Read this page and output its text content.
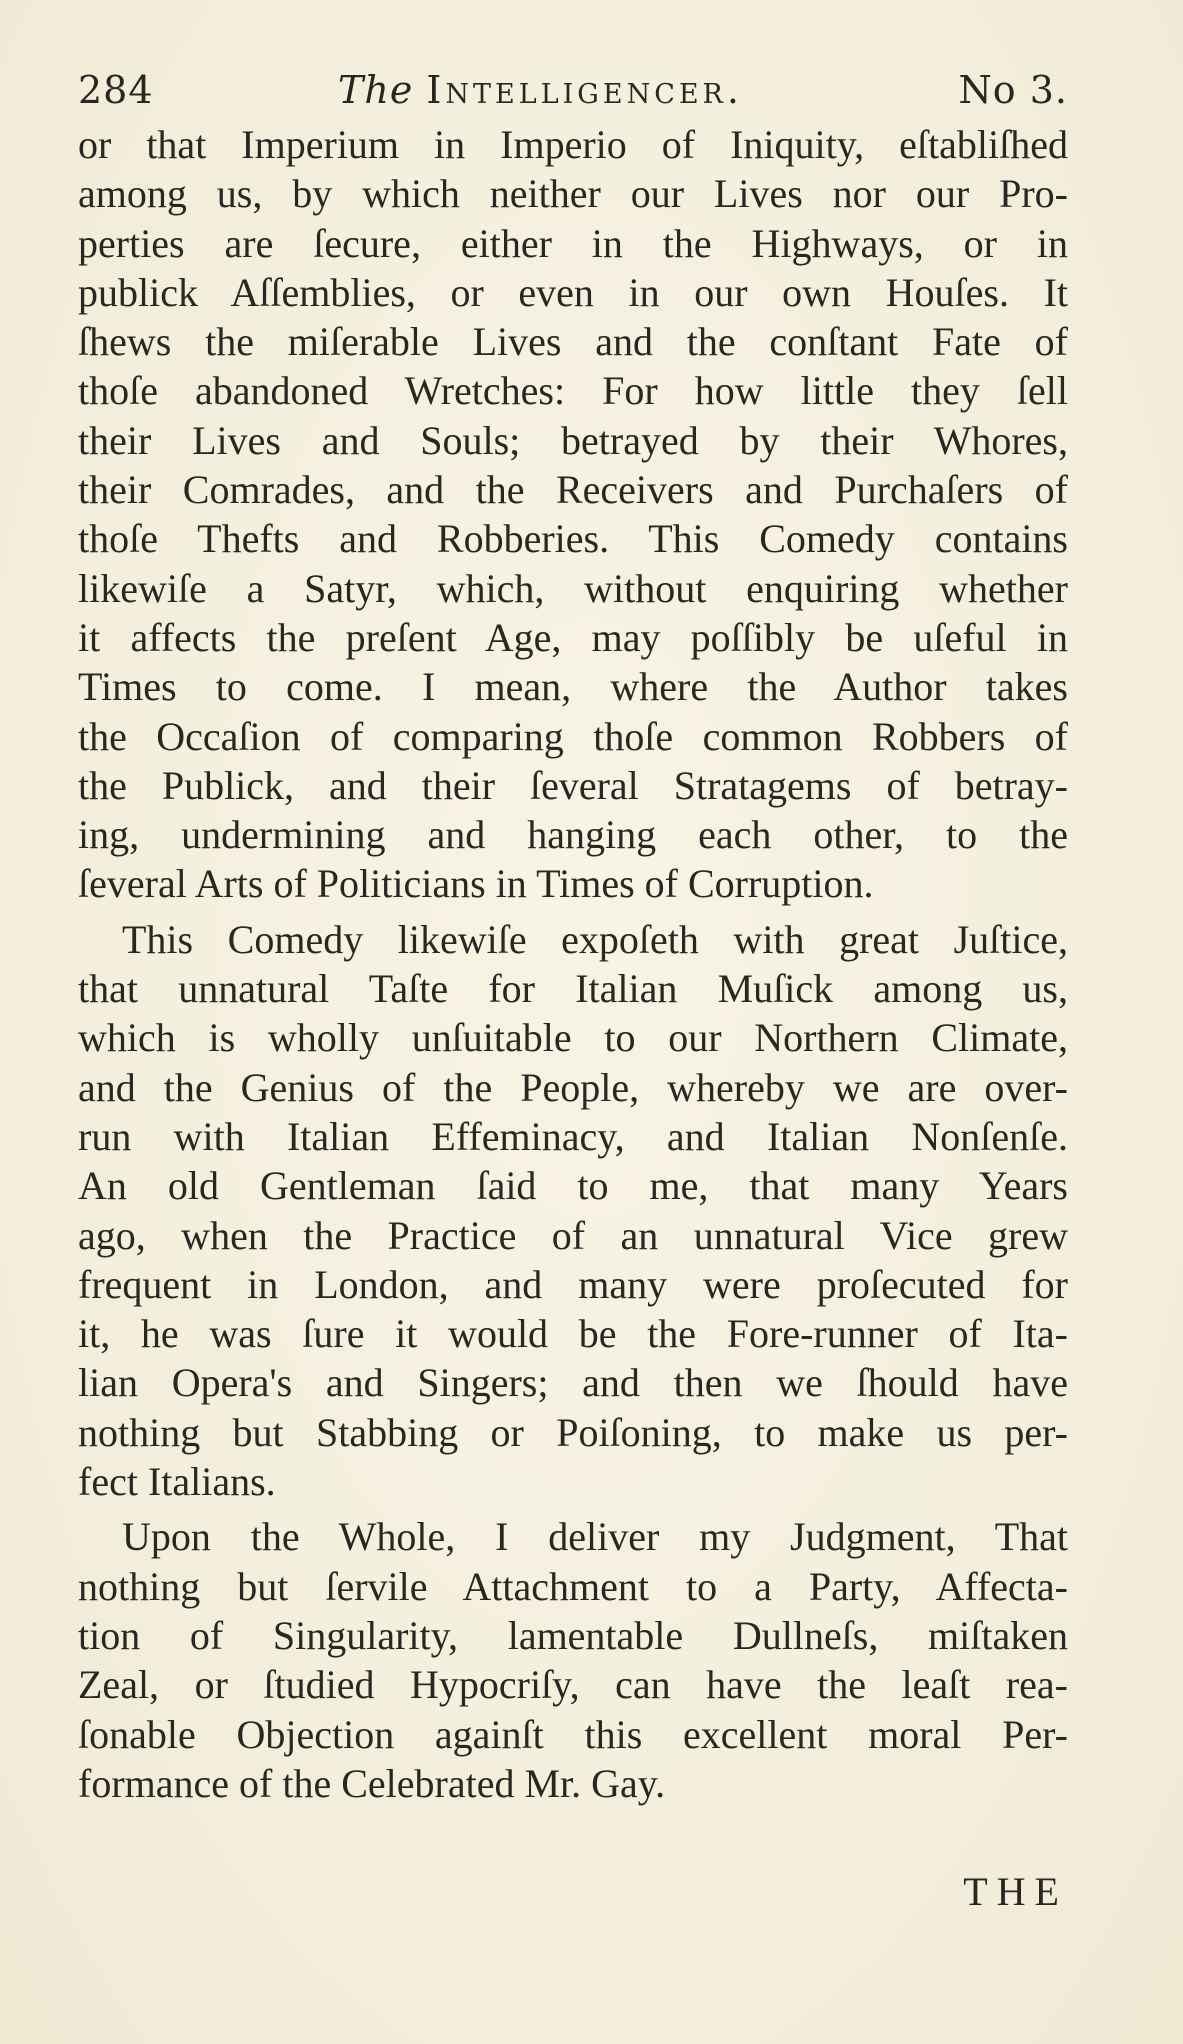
284	The Intelligencer.	No 3.
or that Imperium in Imperio of Iniquity, eſtabliſhed
among us, by which neither our Lives nor our Pro-
perties are ſecure, either in the Highways, or in
publick Aſſemblies, or even in our own Houſes. It
ſhews the miſerable Lives and the conſtant Fate of
thoſe abandoned Wretches: For how little they ſell
their Lives and Souls; betrayed by their Whores,
their Comrades, and the Receivers and Purchaſers of
thoſe Thefts and Robberies. This Comedy contains
likewiſe a Satyr, which, without enquiring whether
it affects the preſent Age, may poſſibly be uſeful in
Times to come. I mean, where the Author takes
the Occaſion of comparing thoſe common Robbers of
the Publick, and their ſeveral Stratagems of betray-
ing, undermining and hanging each other, to the
ſeveral Arts of Politicians in Times of Corruption.
This Comedy likewiſe expoſeth with great Juſtice,
that unnatural Taſte for Italian Muſick among us,
which is wholly unſuitable to our Northern Climate,
and the Genius of the People, whereby we are over-
run with Italian Effeminacy, and Italian Nonſenſe.
An old Gentleman ſaid to me, that many Years
ago, when the Practice of an unnatural Vice grew
frequent in London, and many were proſecuted for
it, he was ſure it would be the Fore-runner of Ita-
lian Opera's and Singers; and then we ſhould have
nothing but Stabbing or Poiſoning, to make us per-
fect Italians.
Upon the Whole, I deliver my Judgment, That
nothing but ſervile Attachment to a Party, Affecta-
tion of Singularity, lamentable Dullneſs, miſtaken
Zeal, or ſtudied Hypocriſy, can have the leaſt rea-
ſonable Objection againſt this excellent moral Per-
formance of the Celebrated Mr. Gay.
THE
